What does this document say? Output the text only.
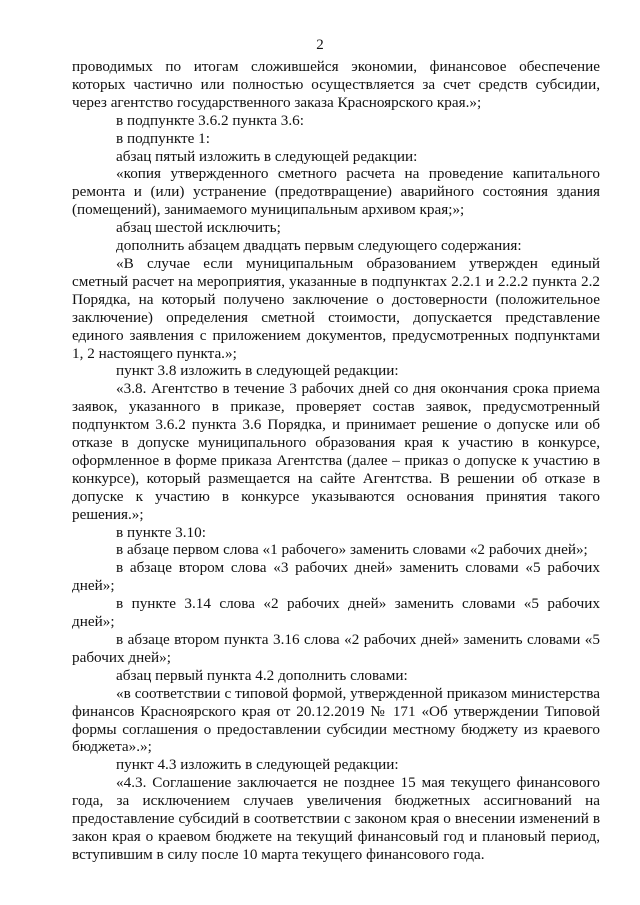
2

проводимых по итогам сложившейся экономии, финансовое обеспечение которых частично или полностью осуществляется за счет средств субсидии, через агентство государственного заказа Красноярского края.»;

в подпункте 3.6.2 пункта 3.6:

в подпункте 1:

абзац пятый изложить в следующей редакции:

«копия утвержденного сметного расчета на проведение капитального ремонта и (или) устранение (предотвращение) аварийного состояния здания (помещений), занимаемого муниципальным архивом края;»;

абзац шестой исключить;

дополнить абзацем двадцать первым следующего содержания:

«В случае если муниципальным образованием утвержден единый сметный расчет на мероприятия, указанные в подпунктах 2.2.1 и 2.2.2 пункта 2.2 Порядка, на который получено заключение о достоверности (положительное заключение) определения сметной стоимости, допускается представление единого заявления с приложением документов, предусмотренных подпунктами 1, 2 настоящего пункта.»;

пункт 3.8 изложить в следующей редакции:

«3.8. Агентство в течение 3 рабочих дней со дня окончания срока приема заявок, указанного в приказе, проверяет состав заявок, предусмотренный подпунктом 3.6.2 пункта 3.6 Порядка, и принимает решение о допуске или об отказе в допуске муниципального образования края к участию в конкурсе, оформленное в форме приказа Агентства (далее – приказ о допуске к участию в конкурсе), который размещается на сайте Агентства. В решении об отказе в допуске к участию в конкурсе указываются основания принятия такого решения.»;

в пункте 3.10:

в абзаце первом слова «1 рабочего» заменить словами «2 рабочих дней»;

в абзаце втором слова «3 рабочих дней» заменить словами «5 рабочих дней»;

в пункте 3.14 слова «2 рабочих дней» заменить словами «5 рабочих дней»;

в абзаце втором пункта 3.16 слова «2 рабочих дней» заменить словами «5 рабочих дней»;

абзац первый пункта 4.2 дополнить словами:

«в соответствии с типовой формой, утвержденной приказом министерства финансов Красноярского края от 20.12.2019 № 171 «Об утверждении Типовой формы соглашения о предоставлении субсидии местному бюджету из краевого бюджета».»;

пункт 4.3 изложить в следующей редакции:

«4.3. Соглашение заключается не позднее 15 мая текущего финансового года, за исключением случаев увеличения бюджетных ассигнований на предоставление субсидий в соответствии с законом края о внесении изменений в закон края о краевом бюджете на текущий финансовый год и плановый период, вступившим в силу после 10 марта текущего финансового года.
